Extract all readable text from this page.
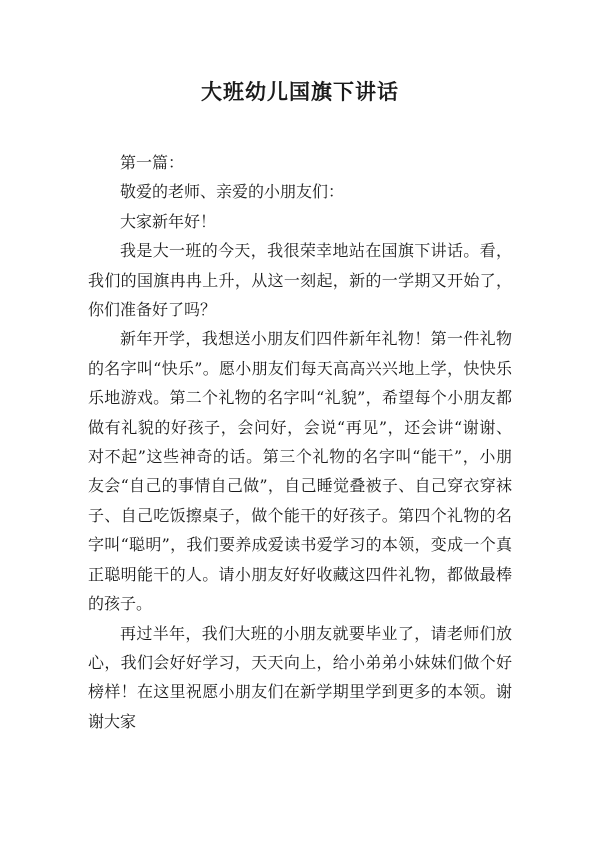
大班幼儿国旗下讲话

第一篇：

敬爱的老师、亲爱的小朋友们：

大家新年好！

我是大一班的今天，我很荣幸地站在国旗下讲话。看，我们的国旗冉冉上升，从这一刻起，新的一学期又开始了，你们准备好了吗？

新年开学，我想送小朋友们四件新年礼物！第一件礼物的名字叫“快乐”。愿小朋友们每天高高兴兴地上学，快快乐乐地游戏。第二个礼物的名字叫“礼貌”，希望每个小朋友都做有礼貌的好孩子，会问好，会说“再见”，还会讲“谢谢、对不起”这些神奇的话。第三个礼物的名字叫“能干”，小朋友会“自己的事情自己做”，自己睡觉叠被子、自己穿衣穿袜子、自己吃饭擦桌子，做个能干的好孩子。第四个礼物的名字叫“聪明”，我们要养成爱读书爱学习的本领，变成一个真正聪明能干的人。请小朋友好好收藏这四件礼物，都做最棒的孩子。

再过半年，我们大班的小朋友就要毕业了，请老师们放心，我们会好好学习，天天向上，给小弟弟小妹妹们做个好榜样！在这里祝愿小朋友们在新学期里学到更多的本领。谢谢大家
